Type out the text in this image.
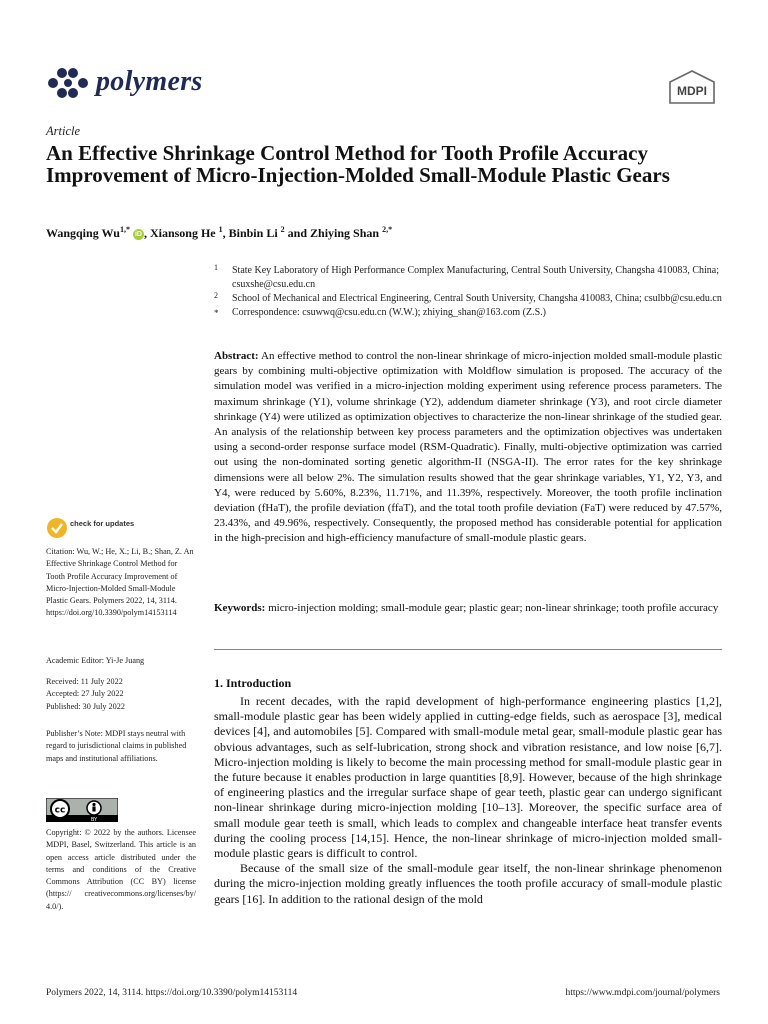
polymers	MDPI
Article
An Effective Shrinkage Control Method for Tooth Profile Accuracy Improvement of Micro-Injection-Molded Small-Module Plastic Gears
Wangqing $Wu^{1,*}$ iD , Xiansong He $^1$, Binbin Li $^2$ and Zhiying Shan $^{2,*}$
1 State Key Laboratory of High Performance Complex Manufacturing, Central South University, Changsha 410083, China; csuxshe@csu.edu.cn
2 School of Mechanical and Electrical Engineering, Central South University, Changsha 410083, China; csulbb@csu.edu.cn
* Correspondence: csuwwq@csu.edu.cn (W.W.); zhiying_shan@163.com (Z.S.)
Abstract: An effective method to control the non-linear shrinkage of micro-injection molded small-module plastic gears by combining multi-objective optimization with Moldflow simulation is proposed. The accuracy of the simulation model was verified in a micro-injection molding experiment using reference process parameters. The maximum shrinkage (Y1), volume shrinkage (Y2), addendum diameter shrinkage (Y3), and root circle diameter shrinkage (Y4) were utilized as optimization objectives to characterize the non-linear shrinkage of the studied gear. An analysis of the relationship between key process parameters and the optimization objectives was undertaken using a second-order response surface model (RSM-Quadratic). Finally, multi-objective optimization was carried out using the non-dominated sorting genetic algorithm-II (NSGA-II). The error rates for the key shrinkage dimensions were all below 2%. The simulation results showed that the gear shrinkage variables, Y1, Y2, Y3, and Y4, were reduced by 5.60%, 8.23%, 11.71%, and 11.39%, respectively. Moreover, the tooth profile inclination deviation (fHaT), the profile deviation (ffaT), and the total tooth profile deviation (FaT) were reduced by 47.57%, 23.43%, and 49.96%, respectively. Consequently, the proposed method has considerable potential for application in the high-precision and high-efficiency manufacture of small-module plastic gears.
Keywords: micro-injection molding; small-module gear; plastic gear; non-linear shrinkage; tooth profile accuracy
1. Introduction

In recent decades, with the rapid development of high-performance engineering plastics [1,2], small-module plastic gear has been widely applied in cutting-edge fields, such as aerospace [3], medical devices [4], and automobiles [5]. Compared with small-module metal gear, small-module plastic gear has obvious advantages, such as self-lubrication, strong shock and vibration resistance, and low noise [6,7]. Micro-injection molding is likely to become the main processing method for small-module plastic gear in the future because it enables production in large quantities [8,9]. However, because of the high shrinkage of engineering plastics and the irregular surface shape of gear teeth, plastic gear can undergo significant non-linear shrinkage during micro-injection molding [10–13]. Moreover, the specific surface area of small module gear teeth is small, which leads to complex and changeable interface heat transfer events during the cooling process [14,15]. Hence, the non-linear shrinkage of micro-injection molded small-module plastic gears is difficult to control.

Because of the small size of the small-module gear itself, the non-linear shrinkage phenomenon during the micro-injection molding greatly influences the tooth profile accuracy of small-module plastic gears [16]. In addition to the rational design of the mold

check for updates
Citation: Wu, W.; He, X.; Li, B.; Shan, Z. An Effective Shrinkage Control Method for Tooth Profile Accuracy Improvement of Micro-Injection-Molded Small-Module Plastic Gears. Polymers 2022, 14, 3114. https://doi.org/10.3390/polym14153114
Academic Editor: Yi-Je Juang
Received: 11 July 2022
Accepted: 27 July 2022
Published: 30 July 2022
Publisher’s Note: MDPI stays neutral with regard to jurisdictional claims in published maps and institutional affiliations.
cc
BY
Copyright: © 2022 by the authors. Licensee MDPI, Basel, Switzerland. This article is an open access article distributed under the terms and conditions of the Creative Commons Attribution (CC BY) license (https:// creativecommons.org/licenses/by/ 4.0/).
Polymers 2022, 14, 3114. https://doi.org/10.3390/polym14153114	https://www.mdpi.com/journal/polymers
